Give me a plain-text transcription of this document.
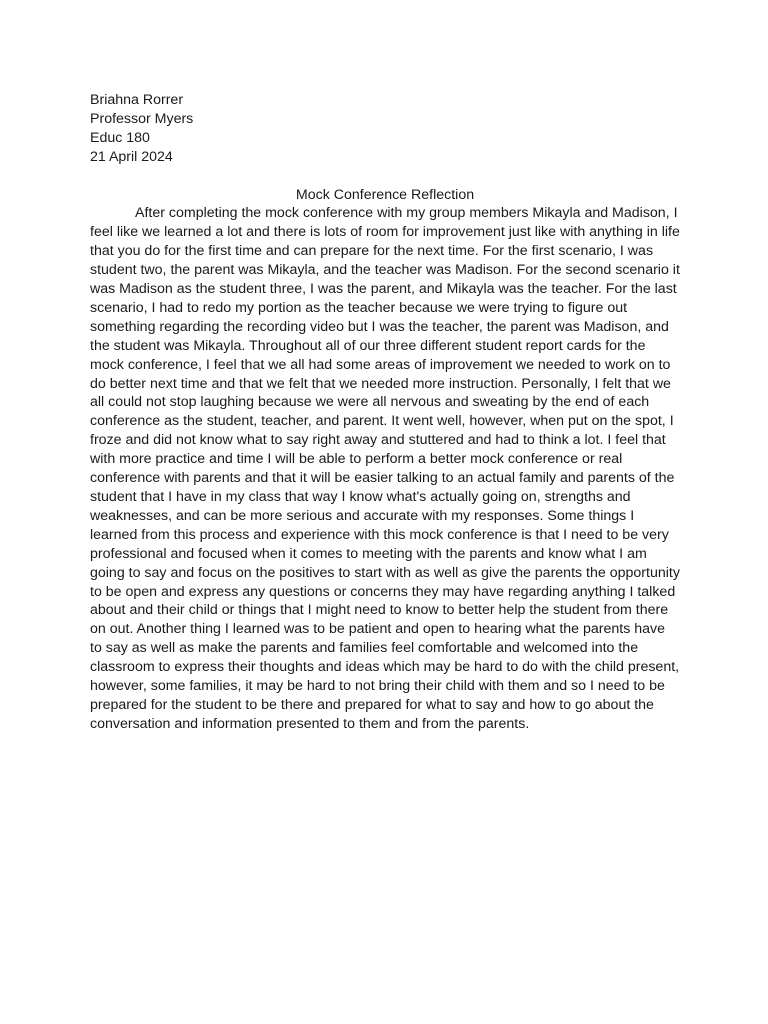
Briahna Rorrer

Professor Myers

Educ 180

21 April 2024

Mock Conference Reflection

After completing the mock conference with my group members Mikayla and Madison, I feel like we learned a lot and there is lots of room for improvement just like with anything in life that you do for the first time and can prepare for the next time. For the first scenario, I was student two, the parent was Mikayla, and the teacher was Madison. For the second scenario it was Madison as the student three, I was the parent, and Mikayla was the teacher. For the last scenario, I had to redo my portion as the teacher because we were trying to figure out something regarding the recording video but I was the teacher, the parent was Madison, and the student was Mikayla. Throughout all of our three different student report cards for the mock conference, I feel that we all had some areas of improvement we needed to work on to do better next time and that we felt that we needed more instruction. Personally, I felt that we all could not stop laughing because we were all nervous and sweating by the end of each conference as the student, teacher, and parent. It went well, however, when put on the spot, I froze and did not know what to say right away and stuttered and had to think a lot. I feel that with more practice and time I will be able to perform a better mock conference or real conference with parents and that it will be easier talking to an actual family and parents of the student that I have in my class that way I know what's actually going on, strengths and weaknesses, and can be more serious and accurate with my responses. Some things I learned from this process and experience with this mock conference is that I need to be very professional and focused when it comes to meeting with the parents and know what I am going to say and focus on the positives to start with as well as give the parents the opportunity to be open and express any questions or concerns they may have regarding anything I talked about and their child or things that I might need to know to better help the student from there on out. Another thing I learned was to be patient and open to hearing what the parents have to say as well as make the parents and families feel comfortable and welcomed into the classroom to express their thoughts and ideas which may be hard to do with the child present, however, some families, it may be hard to not bring their child with them and so I need to be prepared for the student to be there and prepared for what to say and how to go about the conversation and information presented to them and from the parents.
